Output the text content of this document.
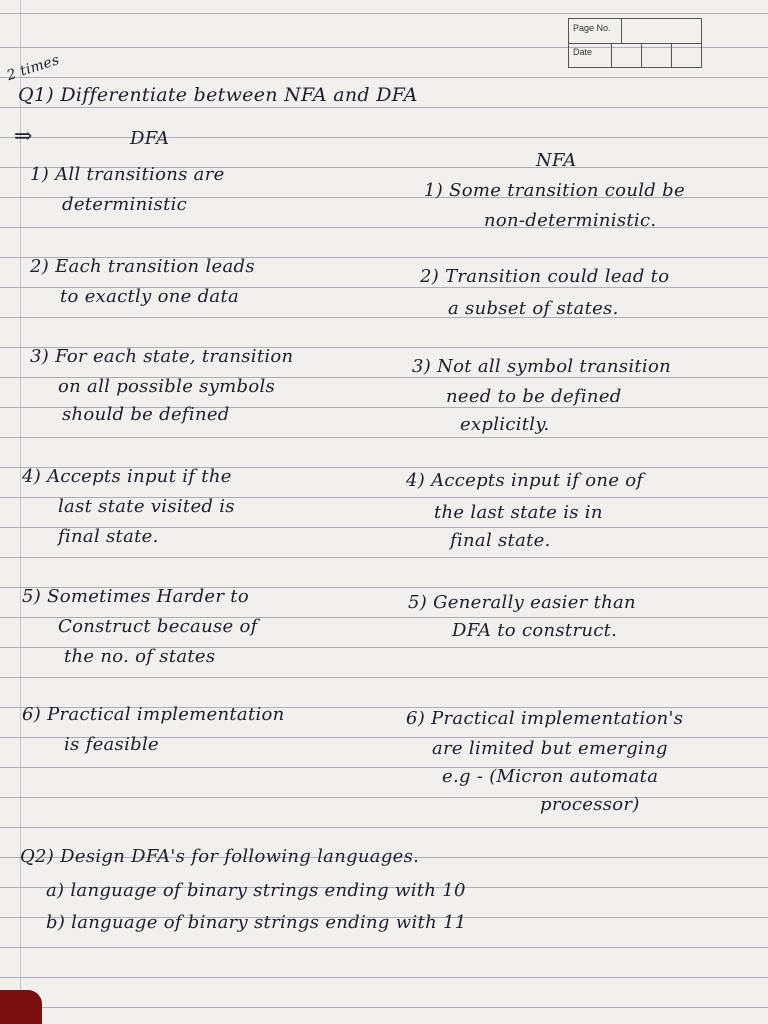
Page No.
Date
2 times
Q1) Differentiate between NFA and DFA
⇒	DFA
NFA
1) All transitions are
deterministic
2) Each transition leads
to exactly one data
3) For each state, transition
on all possible symbols
should be defined
4) Accepts input if the
last state visited is
final state.
5) Sometimes Harder to
Construct because of
the no. of states
6) Practical implementation
is feasible
1) Some transition could be
non-deterministic.
2) Transition could lead to
a subset of states.
3) Not all symbol transition
need to be defined
explicitly.
4) Accepts input if one of
the last state is in
final state.
5) Generally easier than
DFA to construct.
6) Practical implementation's
are limited but emerging
e.g - (Micron automata
processor)
Q2) Design DFA's for following languages.
a) language of binary strings ending with 10
b) language of binary strings ending with 11
